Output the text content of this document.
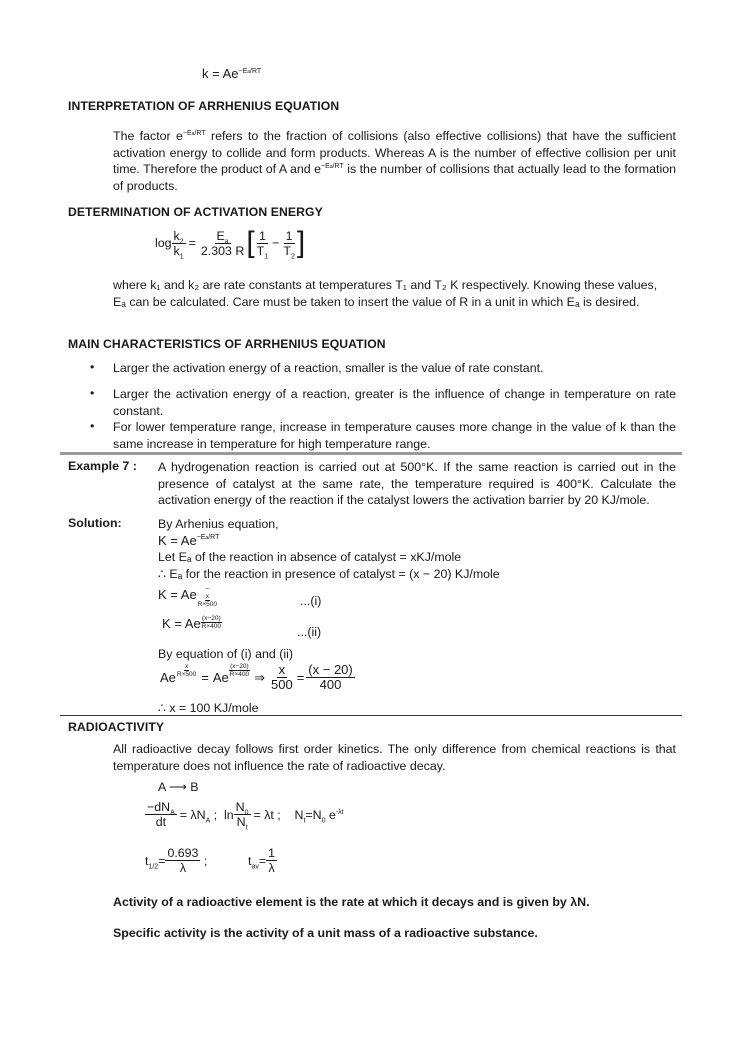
$k = Ae^{-Ea/RT}$
INTERPRETATION OF ARRHENIUS EQUATION
The factor $e^{-Ea/RT}$ refers to the fraction of collisions (also effective collisions) that have the sufficient activation energy to collide and form products. Whereas A is the number of effective collision per unit time. Therefore the product of A and $e^{-Ea/RT}$ is the number of collisions that actually lead to the formation of products.
DETERMINATION OF ACTIVATION ENERGY
$\log \frac{k_2}{k_1} = \frac{E_a}{2.303 R}$ [ $\frac{1}{T_1} - \frac{1}{T_2}$ ]
where k₁ and k₂ are rate constants at temperatures T₁ and T₂ K respectively. Knowing these values,
Eₐ can be calculated. Care must be taken to insert the value of R in a unit in which Eₐ is desired.
MAIN CHARACTERISTICS OF ARRHENIUS EQUATION
• Larger the activation energy of a reaction, smaller is the value of rate constant.
• Larger the activation energy of a reaction, greater is the influence of change in temperature on rate constant.
• For lower temperature range, increase in temperature causes more change in the value of k than the same increase in temperature for high temperature range.
Example 7 : A hydrogenation reaction is carried out at 500°K. If the same reaction is carried out in the presence of catalyst at the same rate, the temperature required is 400°K. Calculate the activation energy of the reaction if the catalyst lowers the activation barrier by 20 KJ/mole.
Solution:	By Arhenius equation,
$K = Ae^{-Ea/RT}$
Let Eₐ of the reaction in absence of catalyst = xKJ/mole
∴ Eₐ for the reaction in presence of catalyst = (x − 20) KJ/mole
K = Ae −
x
R×500	...(i)
K = Ae $\frac{(x-20)}{R\times 400}$
...(ii)
By equation of (i) and (ii)
Ae $\frac{x}{R\times 500} = Ae$
(x−20)
R×400 ⇒ $\frac{x}{500} = \frac{(x - 20)}{400}$
∴ x = 100 KJ/mole
RADIOACTIVITY
All radioactive decay follows first order kinetics. The only difference from chemical reactions is that temperature does not influence the rate of radioactive decay.
A ⟶ B
$\frac{-dN_A}{dt} = \lambda N_A$ ;  $\ln \frac{N_0}{N_t} = \lambda t$ ;    $N_t=N_0$ $e^{-\lambda t}$
$t_{1/2}= \frac{0.693}{\lambda}$ ;	$t_{av}= \frac{1}{\lambda}$
Activity of a radioactive element is the rate at which it decays and is given by λN.
Specific activity is the activity of a unit mass of a radioactive substance.
